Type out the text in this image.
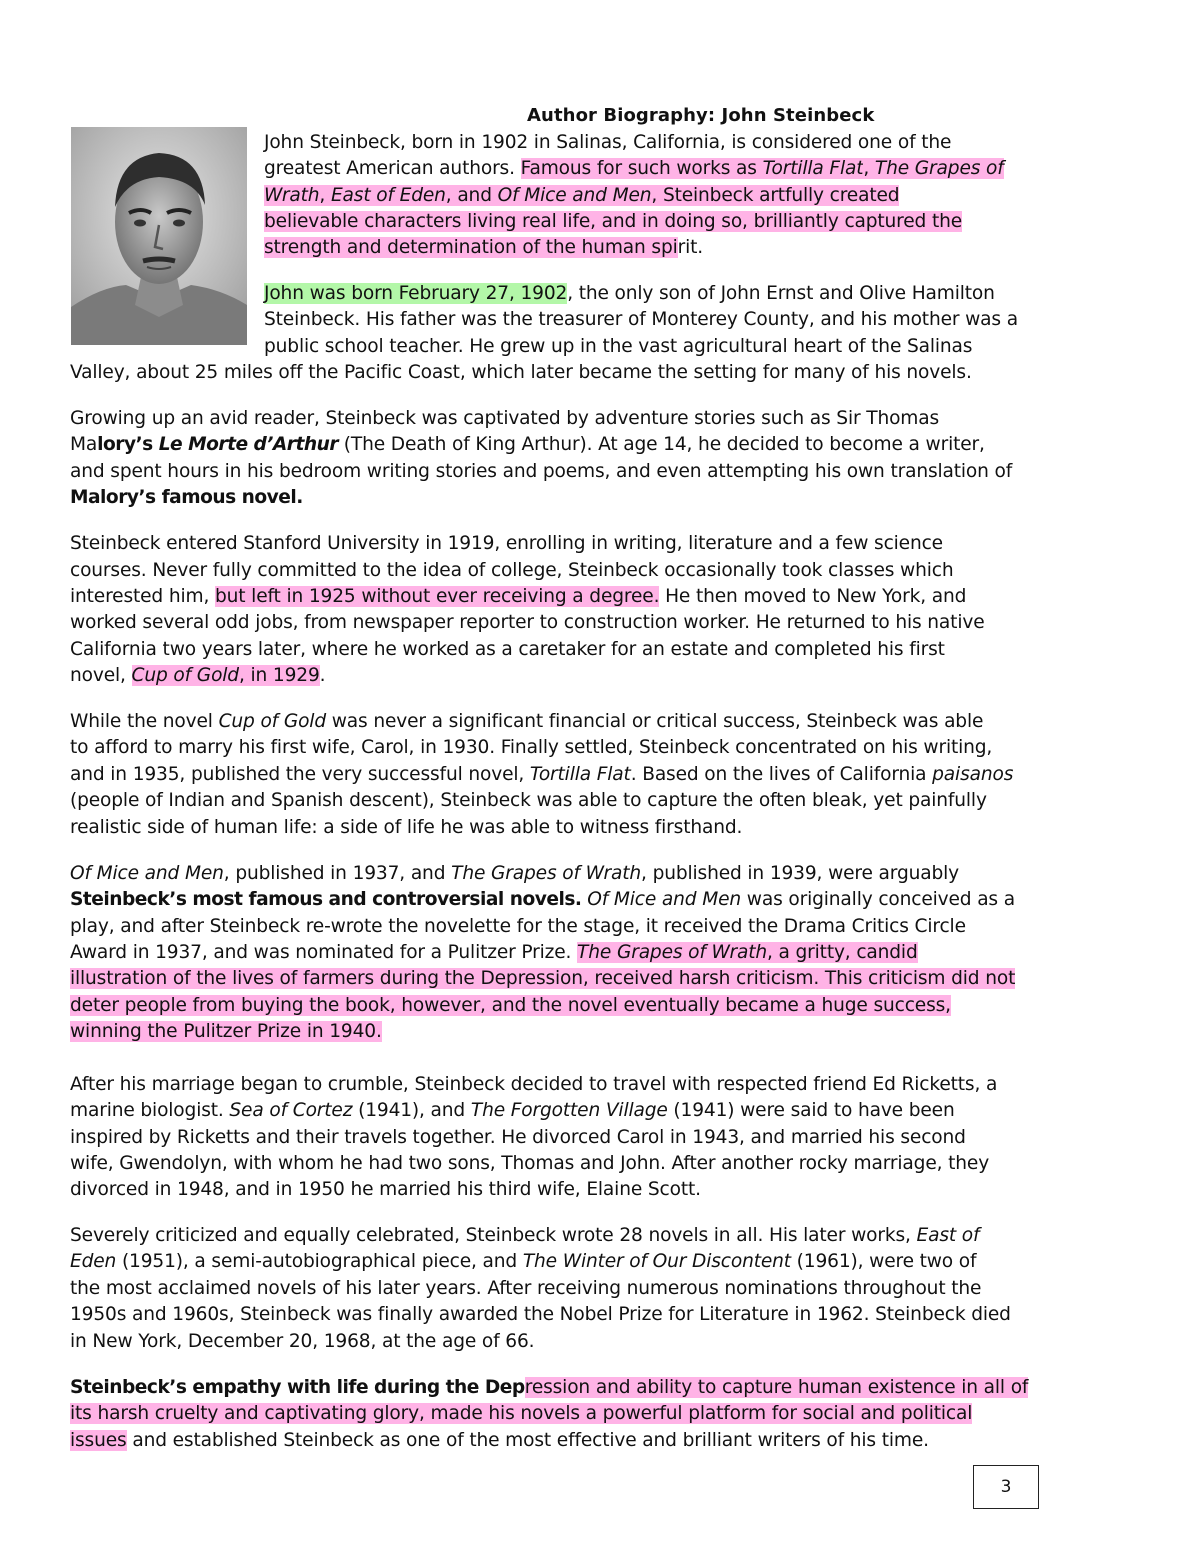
Author Biography: John Steinbeck
John Steinbeck, born in 1902 in Salinas, California, is considered one of the
greatest American authors. Famous for such works as Tortilla Flat, The Grapes of
Wrath, East of Eden, and Of Mice and Men, Steinbeck artfully created
believable characters living real life, and in doing so, brilliantly captured the
strength and determination of the human spirit.
John was born February 27, 1902, the only son of John Ernst and Olive Hamilton
Steinbeck. His father was the treasurer of Monterey County, and his mother was a
public school teacher. He grew up in the vast agricultural heart of the Salinas
Valley, about 25 miles off the Pacific Coast, which later became the setting for many of his novels.
Growing up an avid reader, Steinbeck was captivated by adventure stories such as Sir Thomas
Malory’s Le Morte d’Arthur (The Death of King Arthur). At age 14, he decided to become a writer,
and spent hours in his bedroom writing stories and poems, and even attempting his own translation of
Malory’s famous novel.
Steinbeck entered Stanford University in 1919, enrolling in writing, literature and a few science
courses. Never fully committed to the idea of college, Steinbeck occasionally took classes which
interested him, but left in 1925 without ever receiving a degree. He then moved to New York, and
worked several odd jobs, from newspaper reporter to construction worker. He returned to his native
California two years later, where he worked as a caretaker for an estate and completed his first
novel, Cup of Gold, in 1929.
While the novel Cup of Gold was never a significant financial or critical success, Steinbeck was able
to afford to marry his first wife, Carol, in 1930. Finally settled, Steinbeck concentrated on his writing,
and in 1935, published the very successful novel, Tortilla Flat. Based on the lives of California paisanos
(people of Indian and Spanish descent), Steinbeck was able to capture the often bleak, yet painfully
realistic side of human life: a side of life he was able to witness firsthand.
Of Mice and Men, published in 1937, and The Grapes of Wrath, published in 1939, were arguably
Steinbeck’s most famous and controversial novels. Of Mice and Men was originally conceived as a
play, and after Steinbeck re-wrote the novelette for the stage, it received the Drama Critics Circle
Award in 1937, and was nominated for a Pulitzer Prize. The Grapes of Wrath, a gritty, candid
illustration of the lives of farmers during the Depression, received harsh criticism. This criticism did not
deter people from buying the book, however, and the novel eventually became a huge success,
winning the Pulitzer Prize in 1940.
After his marriage began to crumble, Steinbeck decided to travel with respected friend Ed Ricketts, a
marine biologist. Sea of Cortez (1941), and The Forgotten Village (1941) were said to have been
inspired by Ricketts and their travels together. He divorced Carol in 1943, and married his second
wife, Gwendolyn, with whom he had two sons, Thomas and John. After another rocky marriage, they
divorced in 1948, and in 1950 he married his third wife, Elaine Scott.
Severely criticized and equally celebrated, Steinbeck wrote 28 novels in all. His later works, East of
Eden (1951), a semi-autobiographical piece, and The Winter of Our Discontent (1961), were two of
the most acclaimed novels of his later years. After receiving numerous nominations throughout the
1950s and 1960s, Steinbeck was finally awarded the Nobel Prize for Literature in 1962. Steinbeck died
in New York, December 20, 1968, at the age of 66.
Steinbeck’s empathy with life during the Depression and ability to capture human existence in all of
its harsh cruelty and captivating glory, made his novels a powerful platform for social and political
issues and established Steinbeck as one of the most effective and brilliant writers of his time.
3
